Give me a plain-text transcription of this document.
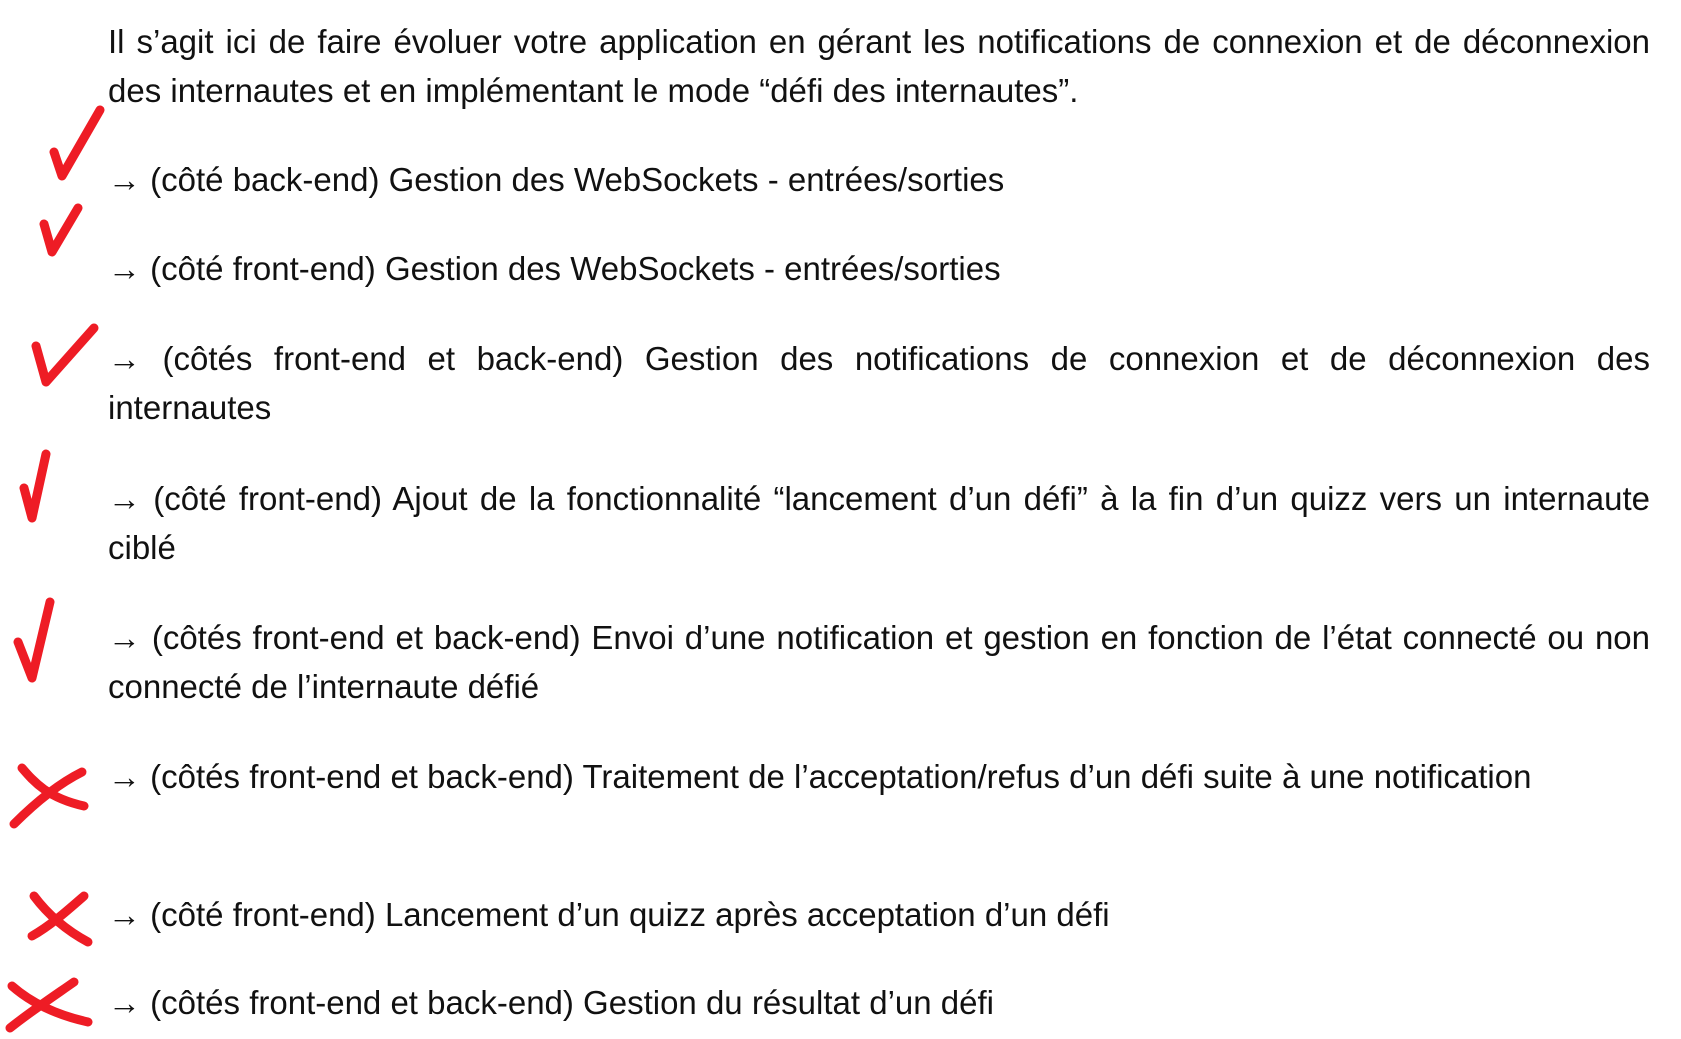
Il s’agit ici de faire évoluer votre application en gérant les notifications de connexion et de déconnexion des internautes et en implémentant le mode “défi des internautes”.

→ (côté back-end) Gestion des WebSockets - entrées/sorties

→ (côté front-end) Gestion des WebSockets - entrées/sorties

→ (côtés front-end et back-end) Gestion des notifications de connexion et de déconnexion des internautes

→ (côté front-end) Ajout de la fonctionnalité “lancement d’un défi” à la fin d’un quizz vers un internaute ciblé

→ (côtés front-end et back-end) Envoi d’une notification et gestion en fonction de l’état connecté ou non connecté de l’internaute défié

→ (côtés front-end et back-end) Traitement de l’acceptation/refus d’un défi suite à une notification

→ (côté front-end) Lancement d’un quizz après acceptation d’un défi

→ (côtés front-end et back-end) Gestion du résultat d’un défi
